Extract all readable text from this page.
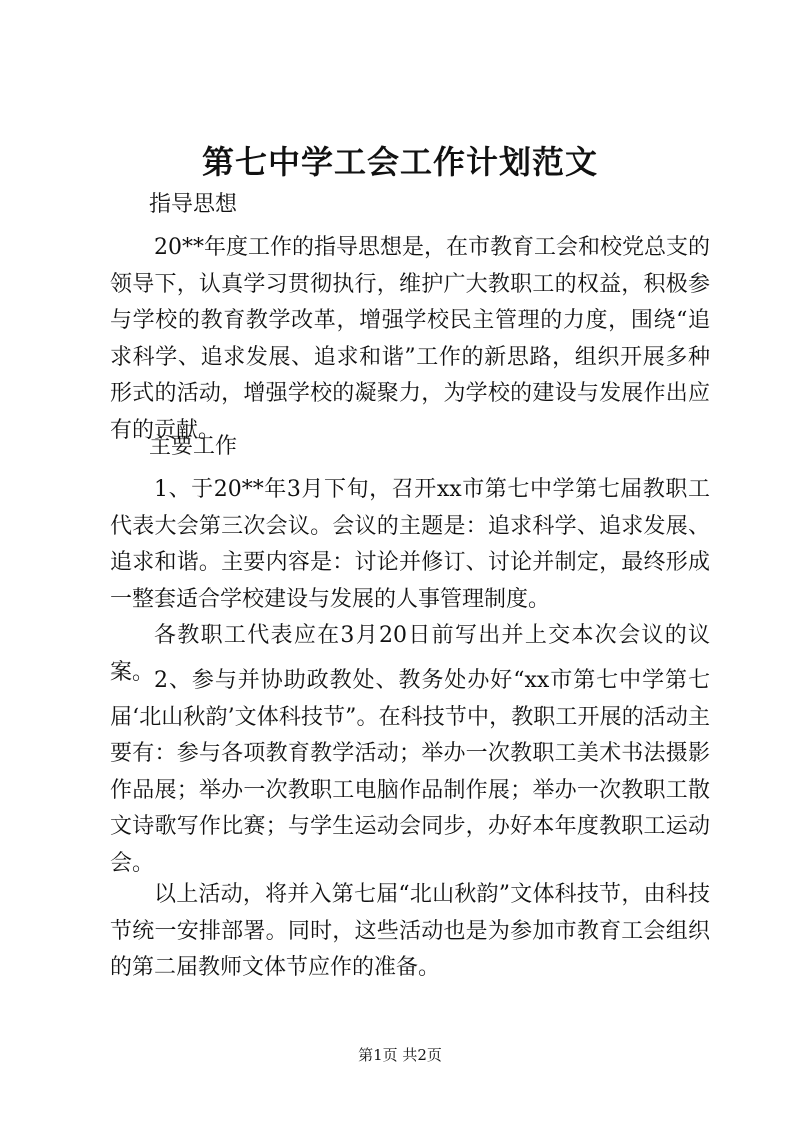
第七中学工会工作计划范文
指导思想
20**年度工作的指导思想是，在市教育工会和校党总支的领导下，认真学习贯彻执行，维护广大教职工的权益，积极参与学校的教育教学改革，增强学校民主管理的力度，围绕“追求科学、追求发展、追求和谐”工作的新思路，组织开展多种形式的活动，增强学校的凝聚力，为学校的建设与发展作出应有的贡献。
主要工作
1、于20**年3月下旬，召开xx市第七中学第七届教职工代表大会第三次会议。会议的主题是：追求科学、追求发展、追求和谐。主要内容是：讨论并修订、讨论并制定，最终形成一整套适合学校建设与发展的人事管理制度。
各教职工代表应在3月20日前写出并上交本次会议的议案。 2、参与并协助政教处、教务处办好“xx市第七中学第七届‘北山秋韵’文体科技节”。在科技节中，教职工开展的活动主要有：参与各项教育教学活动；举办一次教职工美术书法摄影作品展；举办一次教职工电脑作品制作展；举办一次教职工散文诗歌写作比赛；与学生运动会同步，办好本年度教职工运动会。
以上活动，将并入第七届“北山秋韵”文体科技节，由科技节统一安排部署。同时，这些活动也是为参加市教育工会组织的第二届教师文体节应作的准备。
第1页 共2页
